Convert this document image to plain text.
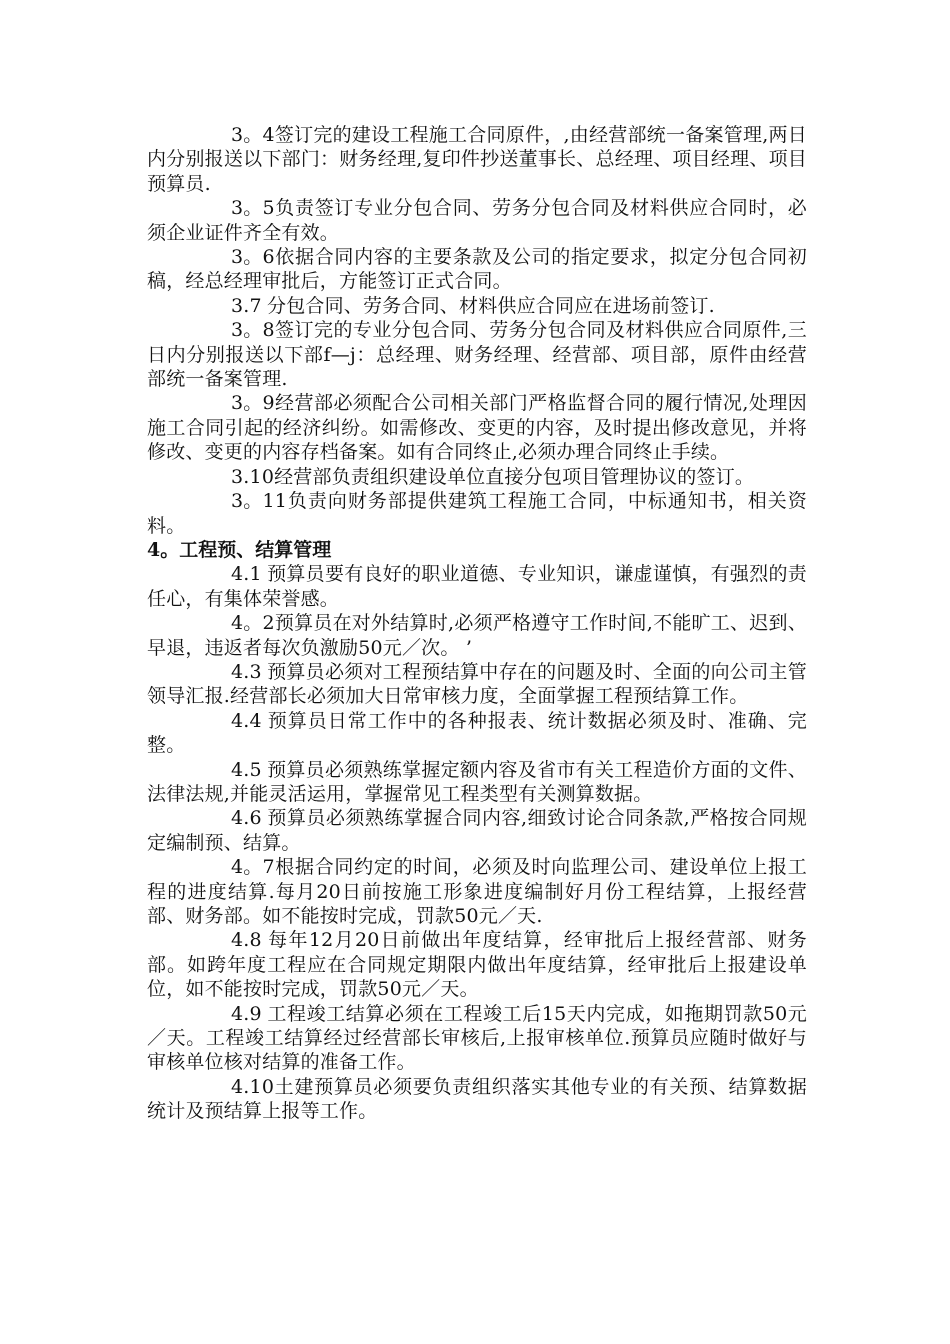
3。4签订完的建设工程施工合同原件，,由经营部统一备案管理,两日内分别报送以下部门：财务经理,复印件抄送董事长、总经理、项目经理、项目预算员.

3。5负责签订专业分包合同、劳务分包合同及材料供应合同时，必须企业证件齐全有效。

3。6依据合同内容的主要条款及公司的指定要求，拟定分包合同初稿，经总经理审批后，方能签订正式合同。

3.7 分包合同、劳务合同、材料供应合同应在进场前签订.

3。8签订完的专业分包合同、劳务分包合同及材料供应合同原件,三日内分别报送以下部f—j：总经理、财务经理、经营部、项目部，原件由经营部统一备案管理.

3。9经营部必须配合公司相关部门严格监督合同的履行情况,处理因施工合同引起的经济纠纷。如需修改、变更的内容，及时提出修改意见，并将修改、变更的内容存档备案。如有合同终止,必须办理合同终止手续。

3.10经营部负责组织建设单位直接分包项目管理协议的签订。

3。11负责向财务部提供建筑工程施工合同，中标通知书，相关资料。

4。工程预、结算管理

4.1 预算员要有良好的职业道德、专业知识，谦虚谨慎，有强烈的责任心，有集体荣誉感。

4。2预算员在对外结算时,必须严格遵守工作时间,不能旷工、迟到、早退，违返者每次负激励50元／次。 ’

4.3 预算员必须对工程预结算中存在的问题及时、全面的向公司主管领导汇报.经营部长必须加大日常审核力度，全面掌握工程预结算工作。

4.4 预算员日常工作中的各种报表、统计数据必须及时、准确、完整。

4.5 预算员必须熟练掌握定额内容及省市有关工程造价方面的文件、法律法规,并能灵活运用，掌握常见工程类型有关测算数据。

4.6 预算员必须熟练掌握合同内容,细致讨论合同条款,严格按合同规定编制预、结算。

4。7根据合同约定的时间，必须及时向监理公司、建设单位上报工程的进度结算.每月20日前按施工形象进度编制好月份工程结算，上报经营部、财务部。如不能按时完成，罚款50元／天.

4.8 每年12月20日前做出年度结算，经审批后上报经营部、财务部。如跨年度工程应在合同规定期限内做出年度结算，经审批后上报建设单位，如不能按时完成，罚款50元／天。

4.9 工程竣工结算必须在工程竣工后15天内完成，如拖期罚款50元／天。工程竣工结算经过经营部长审核后,上报审核单位.预算员应随时做好与审核单位核对结算的准备工作。

4.10土建预算员必须要负责组织落实其他专业的有关预、结算数据统计及预结算上报等工作。
